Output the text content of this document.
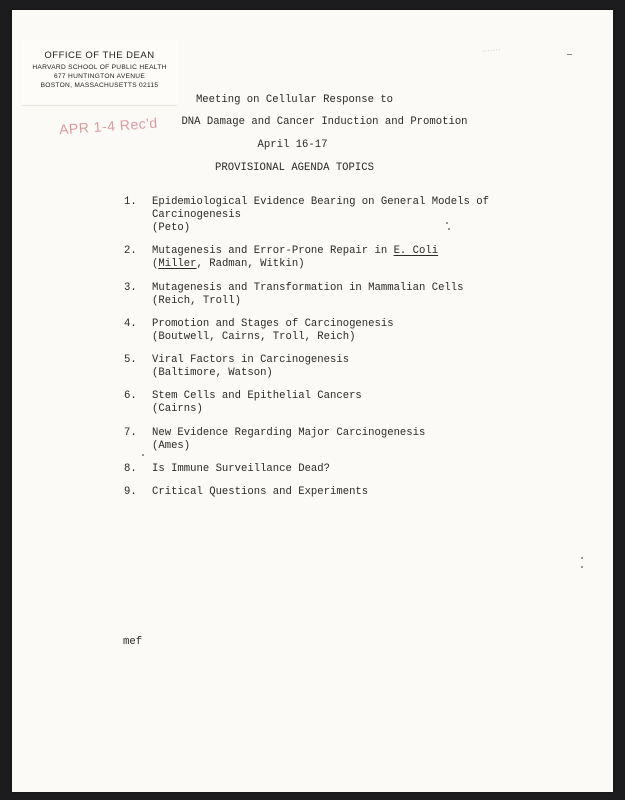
OFFICE OF THE DEAN
HARVARD SCHOOL OF PUBLIC HEALTH
677 HUNTINGTON AVENUE
BOSTON, MASSACHUSETTS 02115
APR 1-4 Rec'd
·······
Meeting on Cellular Response to
DNA Damage and Cancer Induction and Promotion
April 16-17
PROVISIONAL AGENDA TOPICS
1.	Epidemiological Evidence Bearing on General Models of Carcinogenesis
(Peto)
2.	Mutagenesis and Error-Prone Repair in E. Coli
(Miller, Radman, Witkin)
3.	Mutagenesis and Transformation in Mammalian Cells
(Reich, Troll)
4.	Promotion and Stages of Carcinogenesis
(Boutwell, Cairns, Troll, Reich)
5.	Viral Factors in Carcinogenesis
(Baltimore, Watson)
6.	Stem Cells and Epithelial Cancers
(Cairns)
7.	New Evidence Regarding Major Carcinogenesis
(Ames)
8.	Is Immune Surveillance Dead?
9.	Critical Questions and Experiments
mef
